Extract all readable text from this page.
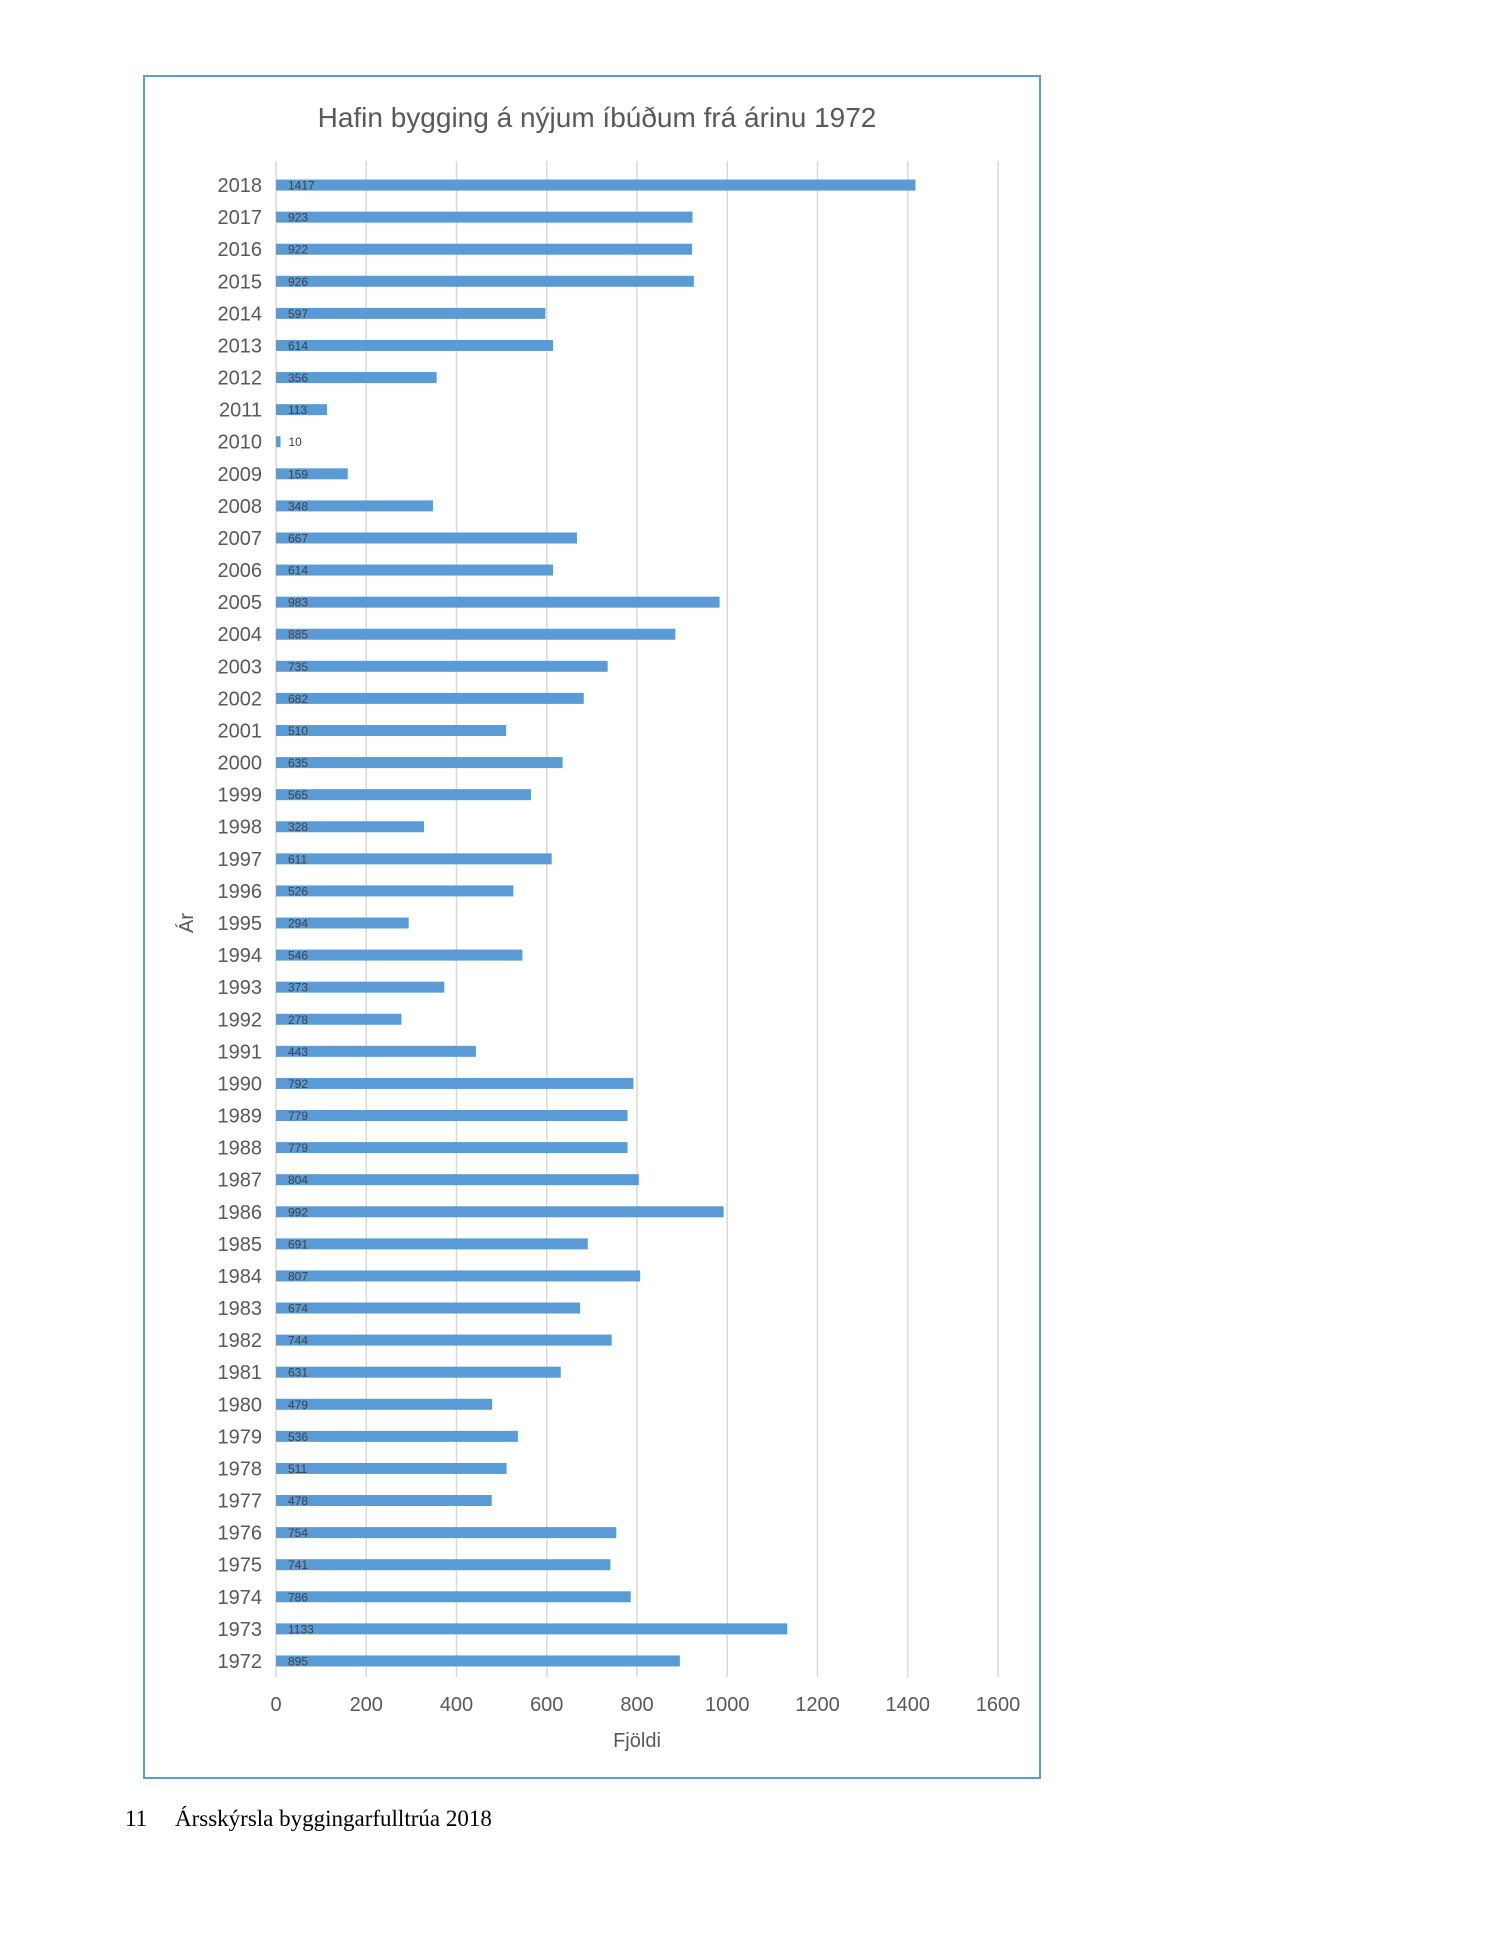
Hafin bygging á nýjum íbúðum frá árinu 1972
1417
923
922
926
597
614
356
113
10
159
348
667
614
983
885
735
682
510
635
565
328
611
526
294
546
373
278
443
792
779
779
804
992
691
807
674
744
631
479
536
511
478
754
741
786
1133
895
2018
2017
2016
2015
2014
2013
2012
2011
2010
2009
2008
2007
2006
2005
2004
2003
2002
2001
2000
1999
1998
1997
1996
1995
1994
1993
1992
1991
1990
1989
1988
1987
1986
1985
1984
1983
1982
1981
1980
1979
1978
1977
1976
1975
1974
1973
1972
0	200	400	600	800	1000 1200 1400 1600
Fjöldi
Ár
11 Ársskýrsla byggingarfulltrúa 2018
